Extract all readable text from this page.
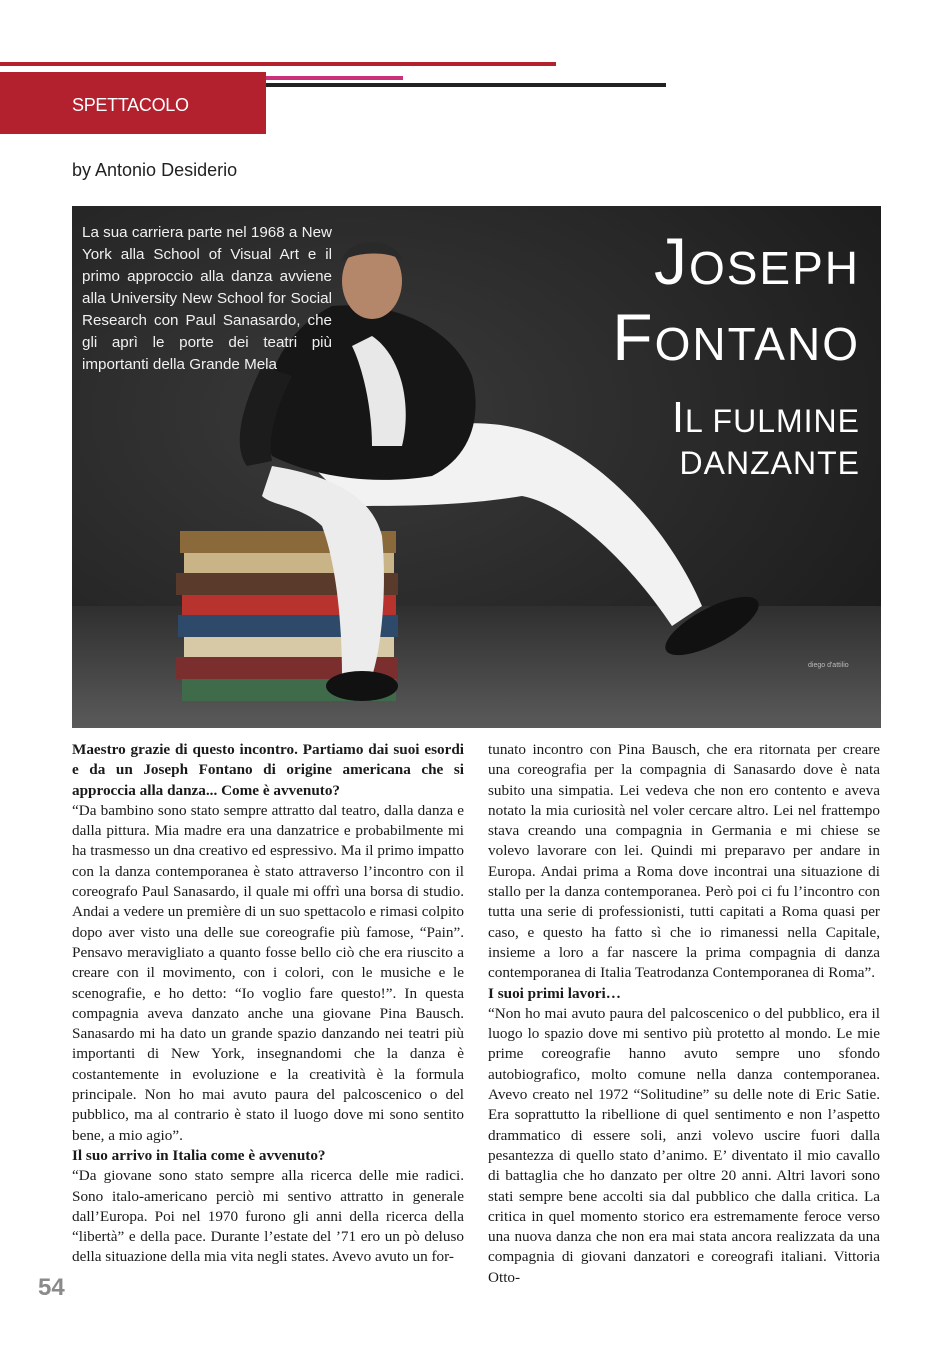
SPETTACOLO
by Antonio Desiderio
La sua carriera parte nel 1968 a New York alla School of Visual Art e il primo approccio alla danza avviene alla University New School for Social Research con Paul Sanasardo, che gli aprì le porte dei teatri più importanti della Grande Mela
JOSEPH
FONTANO
IL FULMINE
DANZANTE
diego d'attilio

Maestro grazie di questo incontro. Partiamo dai suoi esordi e da un Joseph Fontano di origine americana che si approccia alla danza... Come è avvenuto?

“Da bambino sono stato sempre attratto dal teatro, dalla danza e dalla pittura. Mia madre era una danzatrice e probabilmente mi ha trasmesso un dna creativo ed espressivo. Ma il primo impatto con la danza contemporanea è stato attraverso l’incontro con il coreografo Paul Sanasardo, il quale mi offrì una borsa di studio. Andai a vedere un première di un suo spettacolo e rimasi colpito dopo aver visto una delle sue coreografie più famose, “Pain”. Pensavo meravigliato a quanto fosse bello ciò che era riuscito a creare con il movimento, con i colori, con le musiche e le scenografie, e ho detto: “Io voglio fare questo!”. In questa compagnia aveva danzato anche una giovane Pina Bausch. Sanasardo mi ha dato un grande spazio danzando nei teatri più importanti di New York, insegnandomi che la danza è costantemente in evoluzione e la creatività è la formula principale. Non ho mai avuto paura del palcoscenico o del pubblico, ma al contrario è stato il luogo dove mi sono sentito bene, a mio agio”.

Il suo arrivo in Italia come è avvenuto?

“Da giovane sono stato sempre alla ricerca delle mie radici. Sono italo-americano perciò mi sentivo attratto in generale dall’Europa. Poi nel 1970 furono gli anni della ricerca della “libertà” e della pace. Durante l’estate del ’71 ero un pò deluso della situazione della mia vita negli states. Avevo avuto un for-

tunato incontro con Pina Bausch, che era ritornata per creare una coreografia per la compagnia di Sanasardo dove è nata subito una simpatia. Lei vedeva che non ero contento e aveva notato la mia curiosità nel voler cercare altro. Lei nel frattempo stava creando una compagnia in Germania e mi chiese se volevo lavorare con lei. Quindi mi preparavo per andare in Europa. Andai prima a Roma dove incontrai una situazione di stallo per la danza contemporanea. Però poi ci fu l’incontro con tutta una serie di professionisti, tutti capitati a Roma quasi per caso, e questo ha fatto sì che io rimanessi nella Capitale, insieme a loro a far nascere la prima compagnia di danza contemporanea di Italia Teatrodanza Contemporanea di Roma”.

I suoi primi lavori…

“Non ho mai avuto paura del palcoscenico o del pubblico, era il luogo lo spazio dove mi sentivo più protetto al mondo. Le mie prime coreografie hanno avuto sempre uno sfondo autobiografico, molto comune nella danza contemporanea. Avevo creato nel 1972 “Solitudine” su delle note di Eric Satie. Era soprattutto la ribellione di quel sentimento e non l’aspetto drammatico di essere soli, anzi volevo uscire fuori dalla pesantezza di quello stato d’animo. E’ diventato il mio cavallo di battaglia che ho danzato per oltre 20 anni. Altri lavori sono stati sempre bene accolti sia dal pubblico che dalla critica. La critica in quel momento storico era estremamente feroce verso una nuova danza che non era mai stata ancora realizzata da una compagnia di giovani danzatori e coreografi italiani. Vittoria Otto-

54
